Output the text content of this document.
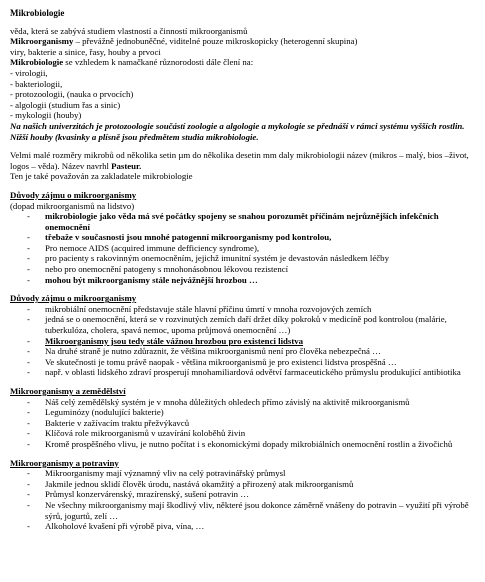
Mikrobiologie
věda, která se zabývá studiem vlastností a činností mikroorganismů
Mikroorganismy – převážně jednobuněčné, viditelné pouze mikroskopicky (heterogenní skupina)
viry, bakterie a sinice, řasy, houby a prvoci
Mikrobiologie se vzhledem k namačkané různorodosti dále člení na:
- virologii,
- bakteriologii,
- protozoologii, (nauka o prvocích)
- algologii (studium řas a sinic)
- mykologii (houby)
Na našich univerzitách je protozoologie součástí zoologie a algologie a mykologie se přednáší v rámci systému vyšších rostlin. Nižší houby (kvasinky a plísně jsou předmětem studia mikrobiologie.
Velmi malé rozměry mikrobů od několika setin µm do několika desetin mm daly mikrobiologii název (mikros – malý, bios –život, logos – věda). Název navrhl Pasteur.
Ten je také považován za zakladatele mikrobiologie
Důvody zájmu o mikroorganismy
(dopad mikroorganismů na lidstvo)
- mikrobiologie jako věda má své počátky spojeny se snahou porozumět příčinám nejrůznějších infekčních onemocnění
- třebaže v současnosti jsou mnohé patogenní mikroorganismy pod kontrolou,
- Pro nemoce AIDS (acquired immune defficiency syndrome),
- pro pacienty s rakovinným onemocněním, jejichž imunitní systém je devastován následkem léčby
- nebo pro onemocnění patogeny s mnohonásobnou lékovou rezistencí
- mohou být mikroorganismy stále nejvážnější hrozbou …
Důvody zájmu o mikroorganismy
- mikrobiální onemocnění představuje stále hlavní příčinu úmrtí v mnoha rozvojových zemích
- jedná se o onemocnění, která se v rozvinutých zemích daří držet díky pokroků v medicíně pod kontrolou (malárie, tuberkulóza, cholera, spavá nemoc, upoma průjmová onemocnění …)
- Mikroorganismy jsou tedy stále vážnou hrozbou pro existenci lidstva
- Na druhé straně je nutno zdůraznit, že většina mikroorganismů není pro člověka nebezpečná …
- Ve skutečnosti je tomu právě naopak - většina mikroorganismů je pro existenci lidstva prospěšná …
- např. v oblasti lidského zdraví prosperují mnohamiliardová odvětví farmaceutického průmyslu produkující antibiotika
Mikroorganismy a zemědělství
- Náš celý zemědělský systém je v mnoha důležitých ohledech přímo závislý na aktivitě mikroorganismů
- Leguminózy (nodulující bakterie)
- Bakterie v zažívacím traktu přežvýkavců
- Klíčová role mikroorganismů v uzavírání koloběhů živin
- Kromě prospěšného vlivu, je nutno počítat i s ekonomickými dopady mikrobiálních onemocnění rostlin a živočichů
Mikroorganismy a potraviny
- Mikroorganismy mají významný vliv na celý potravinářský průmysl
- Jakmile jednou sklidí člověk úrodu, nastává okamžitý a přirozený atak mikroorganismů
- Průmysl konzervárenský, mrazírenský, sušení potravin …
- Ne všechny mikroorganismy mají škodlivý vliv, některé jsou dokonce záměrně vnášeny do potravin – využití při výrobě sýrů, jogurtů, zelí …
- Alkoholové kvašení při výrobě piva, vína, …
